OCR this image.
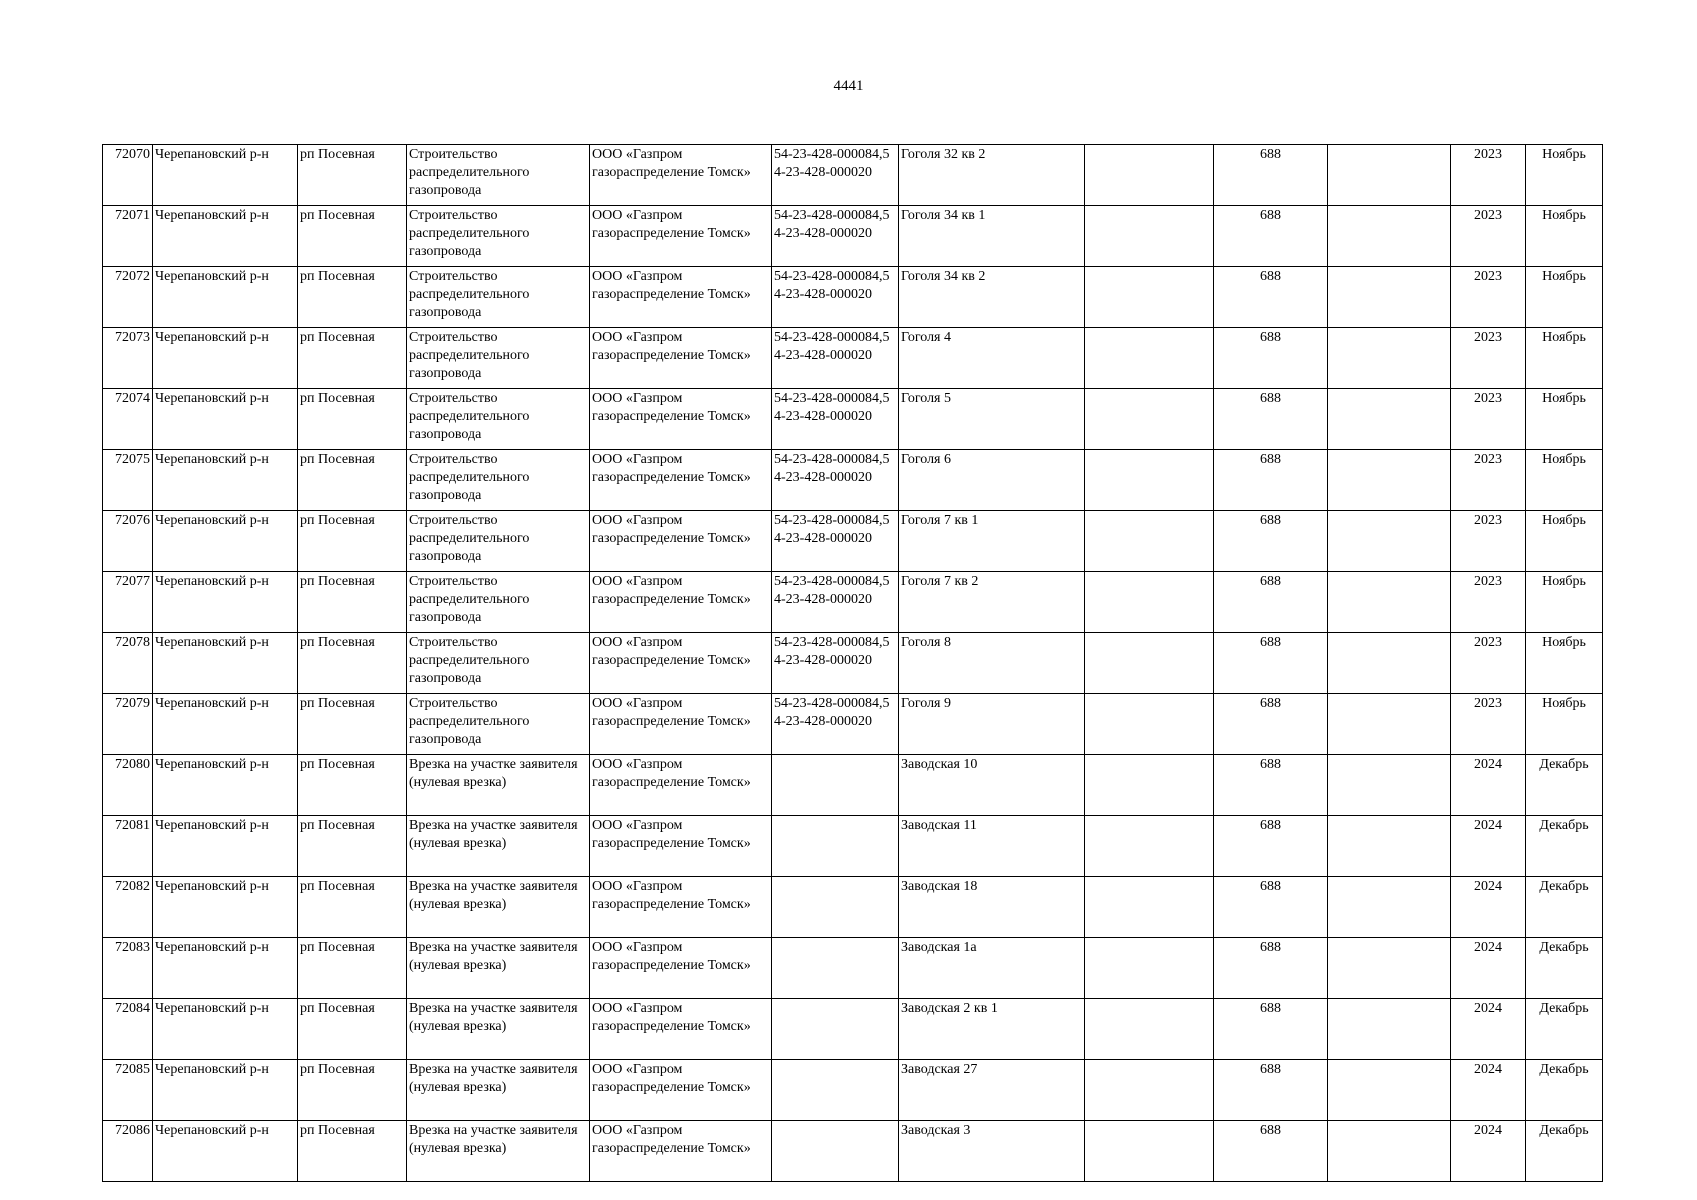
4441
72070	Черепановский р-н	рп Посевная	Строительство распределительного газопровода	ООО «Газпром газораспределение Томск»	54-23-428-000084,54-23-428-000020	Гоголя 32 кв 2		688		2023	Ноябрь
72071	Черепановский р-н	рп Посевная	Строительство распределительного газопровода	ООО «Газпром газораспределение Томск»	54-23-428-000084,54-23-428-000020	Гоголя 34 кв 1		688		2023	Ноябрь
72072	Черепановский р-н	рп Посевная	Строительство распределительного газопровода	ООО «Газпром газораспределение Томск»	54-23-428-000084,54-23-428-000020	Гоголя 34 кв 2		688		2023	Ноябрь
72073	Черепановский р-н	рп Посевная	Строительство распределительного газопровода	ООО «Газпром газораспределение Томск»	54-23-428-000084,54-23-428-000020	Гоголя 4		688		2023	Ноябрь
72074	Черепановский р-н	рп Посевная	Строительство распределительного газопровода	ООО «Газпром газораспределение Томск»	54-23-428-000084,54-23-428-000020	Гоголя 5		688		2023	Ноябрь
72075	Черепановский р-н	рп Посевная	Строительство распределительного газопровода	ООО «Газпром газораспределение Томск»	54-23-428-000084,54-23-428-000020	Гоголя 6		688		2023	Ноябрь
72076	Черепановский р-н	рп Посевная	Строительство распределительного газопровода	ООО «Газпром газораспределение Томск»	54-23-428-000084,54-23-428-000020	Гоголя 7 кв 1		688		2023	Ноябрь
72077	Черепановский р-н	рп Посевная	Строительство распределительного газопровода	ООО «Газпром газораспределение Томск»	54-23-428-000084,54-23-428-000020	Гоголя 7 кв 2		688		2023	Ноябрь
72078	Черепановский р-н	рп Посевная	Строительство распределительного газопровода	ООО «Газпром газораспределение Томск»	54-23-428-000084,54-23-428-000020	Гоголя 8		688		2023	Ноябрь
72079	Черепановский р-н	рп Посевная	Строительство распределительного газопровода	ООО «Газпром газораспределение Томск»	54-23-428-000084,54-23-428-000020	Гоголя 9		688		2023	Ноябрь
72080	Черепановский р-н	рп Посевная	Врезка на участке заявителя (нулевая врезка)	ООО «Газпром газораспределение Томск»		Заводская 10		688		2024	Декабрь
72081	Черепановский р-н	рп Посевная	Врезка на участке заявителя (нулевая врезка)	ООО «Газпром газораспределение Томск»		Заводская 11		688		2024	Декабрь
72082	Черепановский р-н	рп Посевная	Врезка на участке заявителя (нулевая врезка)	ООО «Газпром газораспределение Томск»		Заводская 18		688		2024	Декабрь
72083	Черепановский р-н	рп Посевная	Врезка на участке заявителя (нулевая врезка)	ООО «Газпром газораспределение Томск»		Заводская 1а		688		2024	Декабрь
72084	Черепановский р-н	рп Посевная	Врезка на участке заявителя (нулевая врезка)	ООО «Газпром газораспределение Томск»		Заводская 2 кв 1		688		2024	Декабрь
72085	Черепановский р-н	рп Посевная	Врезка на участке заявителя (нулевая врезка)	ООО «Газпром газораспределение Томск»		Заводская 27		688		2024	Декабрь
72086	Черепановский р-н	рп Посевная	Врезка на участке заявителя (нулевая врезка)	ООО «Газпром газораспределение Томск»		Заводская 3		688		2024	Декабрь
